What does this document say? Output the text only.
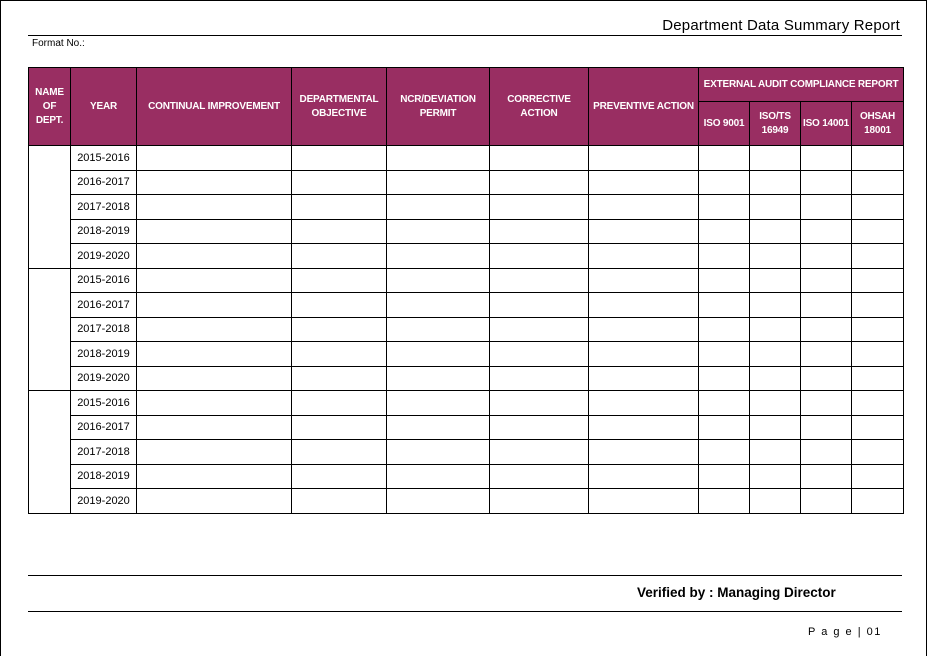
Department Data Summary Report
Format No.:
NAME OF DEPT.	YEAR	CONTINUAL IMPROVEMENT	DEPARTMENTAL OBJECTIVE	NCR/DEVIATION PERMIT	CORRECTIVE ACTION	PREVENTIVE ACTION	EXTERNAL AUDIT COMPLIANCE REPORT			
							ISO 9001	ISO/TS 16949	ISO 14001	OHSAH 18001
	2015-2016									
	2016-2017									
	2017-2018									
	2018-2019									
	2019-2020									
	2015-2016									
	2016-2017									
	2017-2018									
	2018-2019									
	2019-2020									
	2015-2016									
	2016-2017									
	2017-2018									
	2018-2019									
	2019-2020									
Verified by : Managing Director
P a g e | 01
